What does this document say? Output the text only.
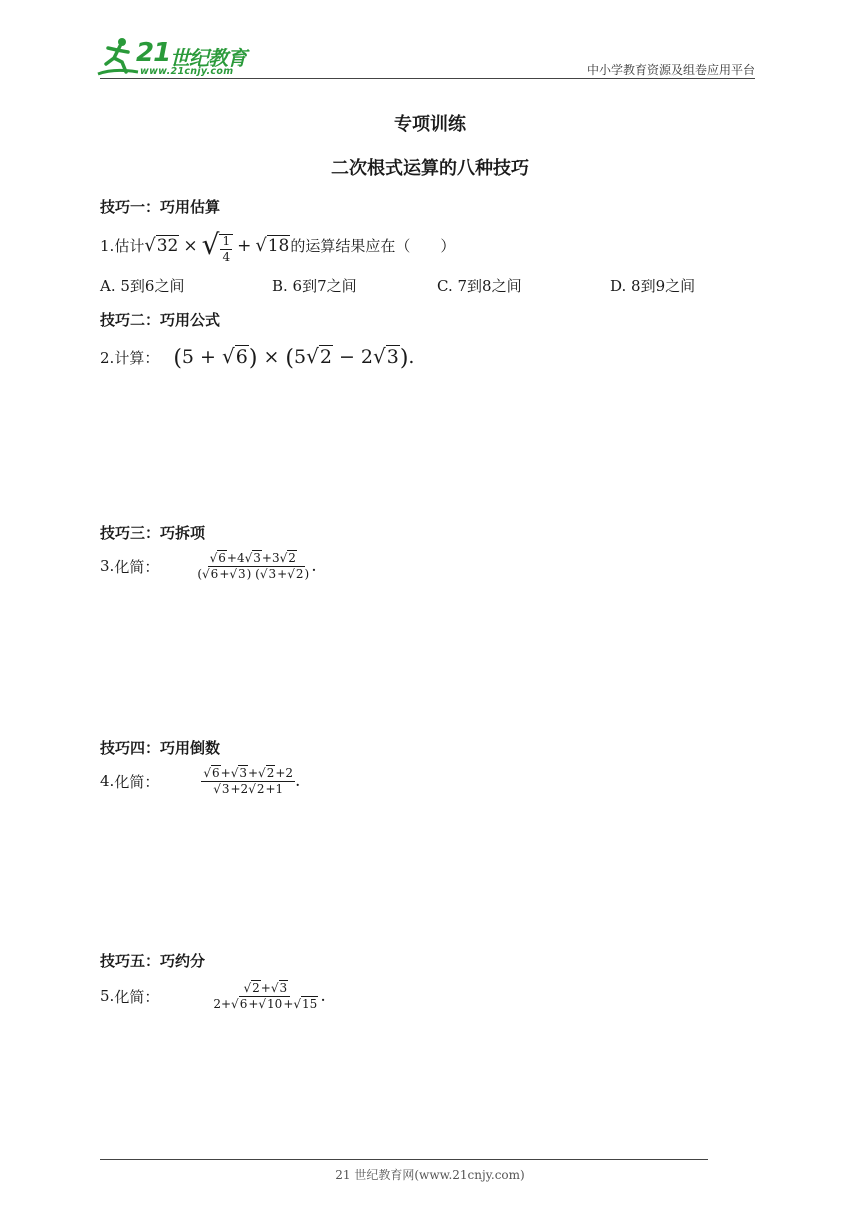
21 世纪教育
www.21cnjy.com	中小学教育资源及组卷应用平台
专项训练
二次根式运算的八种技巧
技巧一：巧用估算
1. 估计 √32 × √ $\frac{1}{4} + √18$ 的运算结果应在（　　）
A. 5到6之间	B. 6到7之间	C. 7到8之间	D. 8到9之间
技巧二：巧用公式
2. 计算： (5 + √6) × (5√2 − 2√3).
技巧三：巧拆项
3. 化简：	$\frac{√6+4√3+3√2}{(√6+√3) (√3+√2)}$ .
技巧四：巧用倒数
4. 化简：	$\frac{√6+√3+√2+2}{√3+2√2+1}$ .
技巧五：巧约分
5. 化简：	$\frac{√2+√3}{2+√6+√10+√15}$ .
21 世纪教育网(www.21cnjy.com)
